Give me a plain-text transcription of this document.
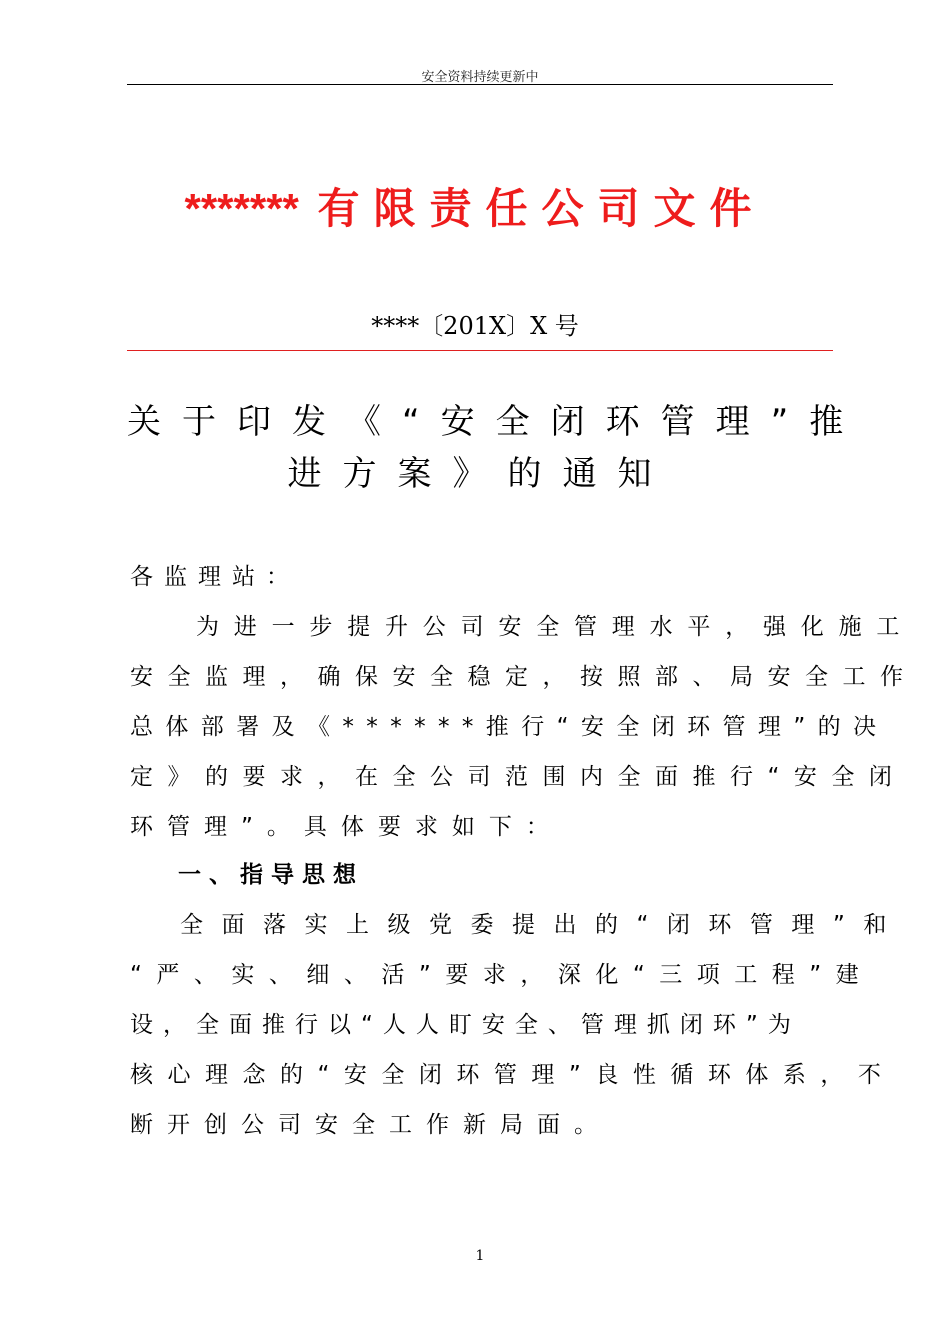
安全资料持续更新中
******* 有限责任公司文件
****〔201X〕X 号
关于印发《“安全闭环管理”推
进方案》的通知
各监理站：
为进一步提升公司安全管理水平，强化施工
安全监理，确保安全稳定，按照部、局安全工作
总体部署及《******推行“安全闭环管理”的决
定》的要求，在全公司范围内全面推行“安全闭
环管理”。具体要求如下：
一、指导思想
全面落实上级党委提出的“闭环管理”和
“严、实、细、活”要求，深化“三项工程”建
设，全面推行以“人人盯安全、管理抓闭环”为
核心理念的“安全闭环管理”良性循环体系，不
断开创公司安全工作新局面。
1
